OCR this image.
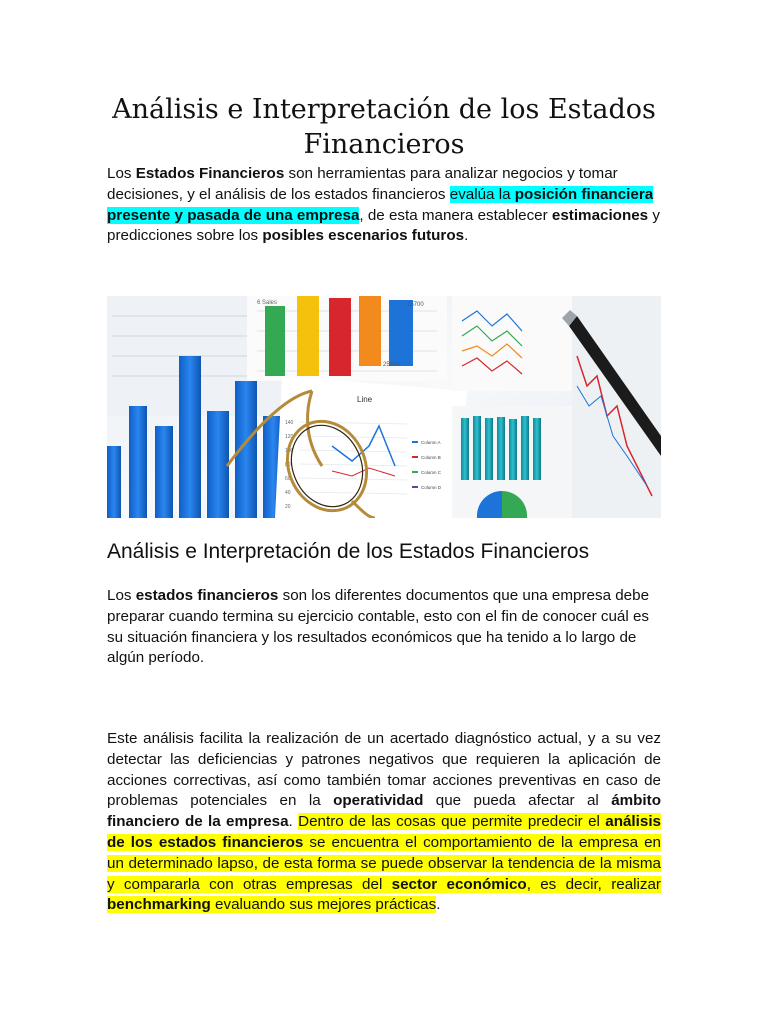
Análisis e Interpretación de los Estados Financieros

Los Estados Financieros son herramientas para analizar negocios y tomar decisiones, y el análisis de los estados financieros evalúa la posición financiera presente y pasada de una empresa, de esta manera establecer estimaciones y predicciones sobre los posibles escenarios futuros.

25336
25700
6 Sales
Line
140
120
100
80
60
40
20
Column A
Column B
Column C
Column D
Análisis e Interpretación de los Estados Financieros

Los estados financieros son los diferentes documentos que una empresa debe preparar cuando termina su ejercicio contable, esto con el fin de conocer cuál es su situación financiera y los resultados económicos que ha tenido a lo largo de algún período.

Este análisis facilita la realización de un acertado diagnóstico actual, y a su vez detectar las deficiencias y patrones negativos que requieren la aplicación de acciones correctivas, así como también tomar acciones preventivas en caso de problemas potenciales en la operatividad que pueda afectar al ámbito financiero de la empresa. Dentro de las cosas que permite predecir el análisis de los estados financieros se encuentra el comportamiento de la empresa en un determinado lapso, de esta forma se puede observar la tendencia de la misma y compararla con otras empresas del sector económico, es decir, realizar benchmarking evaluando sus mejores prácticas.
